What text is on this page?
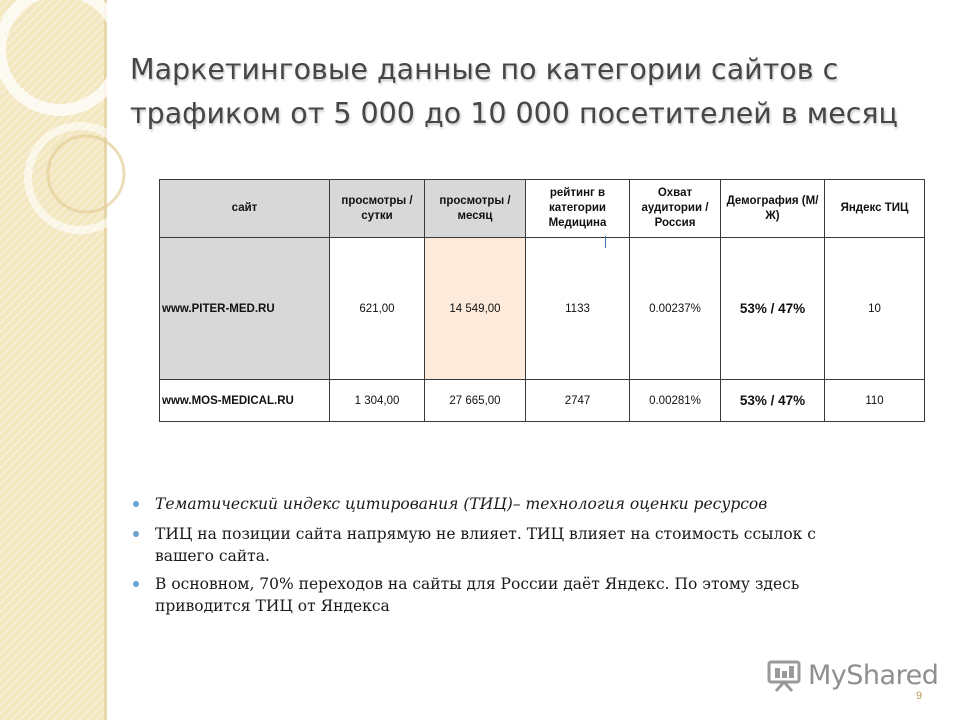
Маркетинговые данные по категории сайтов с трафиком от 5 000 до 10 000 посетителей в месяц
сайт	просмотры / сутки	просмотры / месяц	рейтинг в категории Медицина	Охват аудитории / Россия	Демография (М/Ж)	Яндекс ТИЦ
www.PITER-MED.RU	621,00	14 549,00	1133	0.00237%	53% / 47%	10
www.MOS-MEDICAL.RU	1 304,00	27 665,00	2747	0.00281%	53% / 47%	110
Тематический индекс цитирования (ТИЦ)– технология оценки ресурсов
ТИЦ на позиции сайта напрямую не влияет. ТИЦ влияет на стоимость ссылок с вашего сайта.
В основном, 70% переходов на сайты для России даёт Яндекс. По этому здесь приводится ТИЦ от Яндекса
MyShared
9
